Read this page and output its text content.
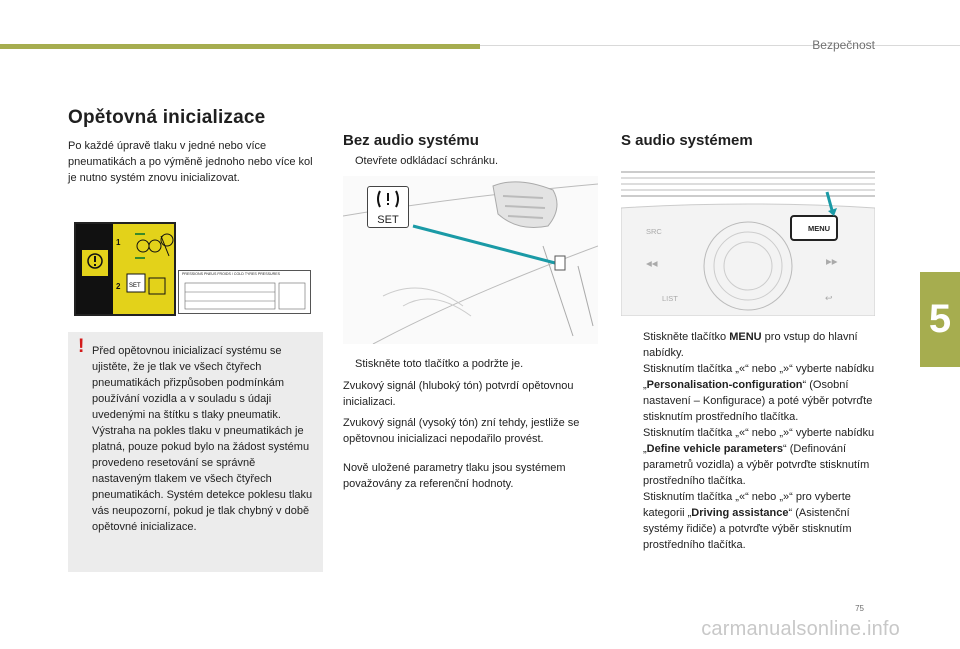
Bezpečnost
5
Opětovná inicializace

Po každé úpravě tlaku v jedné nebo více pneumatikách a po výměně jednoho nebo více kol je nutno systém znovu inicializovat.

SET
1
2
PRESSIONS PNEUS FROIDS / COLD TYRES PRESSURES
! Před opětovnou inicializací systému se ujistěte, že je tlak ve všech čtyřech pneumatikách přizpůsoben podmínkám používání vozidla a v souladu s údaji uvedenými na štítku s tlaky pneumatik. Výstraha na pokles tlaku v pneumatikách je platná, pouze pokud bylo na žádost systému provedeno resetování se správně nastaveným tlakem ve všech čtyřech pneumatikách. Systém detekce poklesu tlaku vás neupozorní, pokud je tlak chybný v době opětovné inicializace.

Bez audio systému
Otevřete odkládací schránku.
SET
Stiskněte toto tlačítko a podržte je.

Zvukový signál (hluboký tón) potvrdí opětovnou inicializaci.

Zvukový signál (vysoký tón) zní tehdy, jestliže se opětovnou inicializaci nepodařilo provést.

Nově uložené parametry tlaku jsou systémem považovány za referenční hodnoty.

S audio systémem
SRC
◀◀	▶▶
LIST	↩
MENU

Stiskněte tlačítko MENU pro vstup do hlavní nabídky.

Stisknutím tlačítka „«“ nebo „»“ vyberte nabídku „Personalisation-configuration“ (Osobní nastavení – Konfigurace) a poté výběr potvrďte stisknutím prostředního tlačítka.

Stisknutím tlačítka „«“ nebo „»“ vyberte nabídku „Define vehicle parameters“ (Definování parametrů vozidla) a výběr potvrďte stisknutím prostředního tlačítka.

Stisknutím tlačítka „«“ nebo „»“ pro vyberte kategorii „Driving assistance“ (Asistenční systémy řidiče) a potvrďte výběr stisknutím prostředního tlačítka.

75
carmanualsonline.info
